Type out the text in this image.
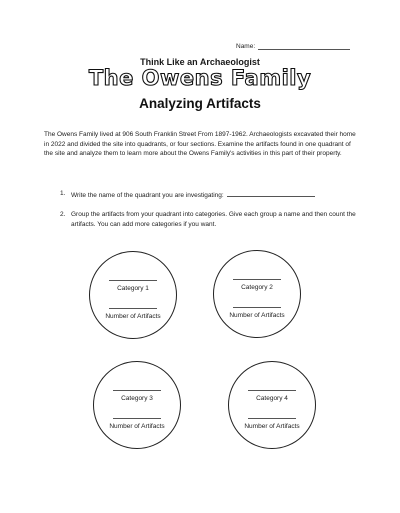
Name:
Think Like an Archaeologist
The Owens Family
Analyzing Artifacts

The Owens Family lived at 906 South Franklin Street From 1897-1962. Archaeologists excavated their home in 2022 and divided the site into quadrants, or four sections. Examine the artifacts found in one quadrant of the site and analyze them to learn more about the Owens Family's activities in this part of their property.

1. Write the name of the quadrant you are investigating:
2. Group the artifacts from your quadrant into categories. Give each group a name and then count the artifacts. You can add more categories if you want.
Category 1
Number of Artifacts
Category 2
Number of Artifacts
Category 3
Number of Artifacts
Category 4
Number of Artifacts
